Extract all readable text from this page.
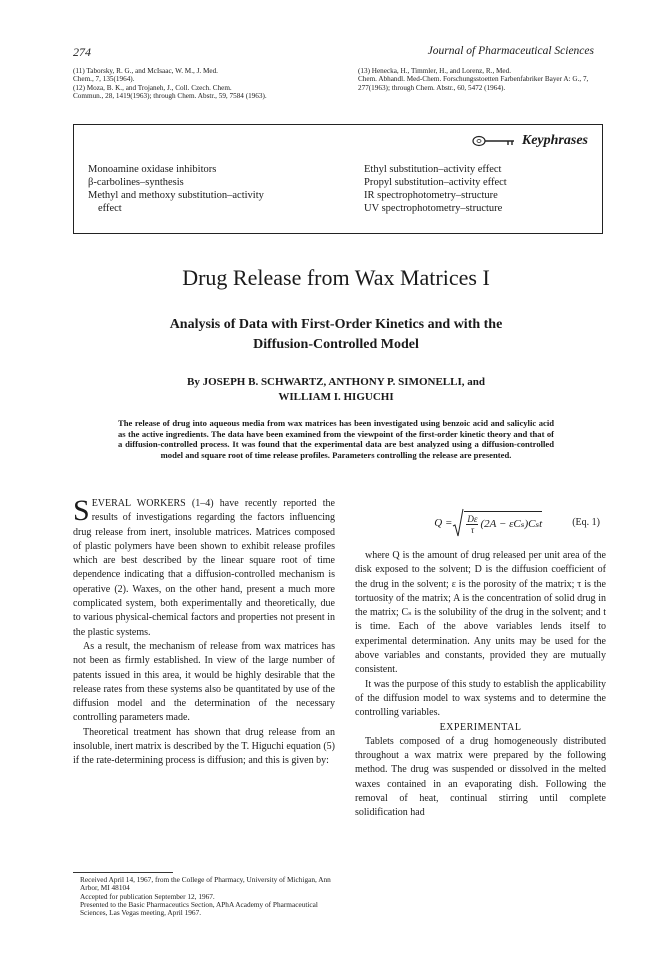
274	Journal of Pharmaceutical Sciences
(11) Taborsky, R. G., and McIsaac, W. M., J. Med.
Chem., 7, 135(1964).
(12) Moza, B. K., and Trojaneh, J., Coll. Czech. Chem.
Commun., 28, 1419(1963); through Chem. Abstr., 59, 7584 (1963).
(13) Henecka, H., Timmler, H., and Lorenz, R., Med.
Chem. Abhandl. Med-Chem. Forschungsstoetten Farbenfabriker Bayer A: G., 7, 277(1963); through Chem. Abstr., 60, 5472 (1964).
Keyphrases
Monoamine oxidase inhibitors
β-carbolines–synthesis
Methyl and methoxy substitution–activity
effect
Ethyl substitution–activity effect
Propyl substitution–activity effect
IR spectrophotometry–structure
UV spectrophotometry–structure
Drug Release from Wax Matrices I
Analysis of Data with First-Order Kinetics and with the
Diffusion-Controlled Model
By JOSEPH B. SCHWARTZ, ANTHONY P. SIMONELLI, and
WILLIAM I. HIGUCHI
The release of drug into aqueous media from wax matrices has been investigated using benzoic acid and salicylic acid as the active ingredients. The data have been examined from the viewpoint of the first-order kinetic theory and that of a diffusion-controlled process. It was found that the experimental data are best analyzed using a diffusion-controlled model and square root of time release profiles. Parameters controlling the release are presented.

SEVERAL WORKERS (1–4) have recently reported the results of investigations regarding the factors influencing drug release from inert, insoluble matrices. Matrices composed of plastic polymers have been shown to exhibit release profiles which are best described by the linear square root of time dependence indicating that a diffusion-controlled mechanism is operative (2). Waxes, on the other hand, present a much more complicated system, both experimentally and theoretically, due to various physical-chemical factors and properties not present in the plastic systems.

As a result, the mechanism of release from wax matrices has not been as firmly established. In view of the large number of patents issued in this area, it would be highly desirable that the release rates from these systems also be quantitated by use of the diffusion model and the determination of the necessary controlling parameters made.

Theoretical treatment has shown that drug release from an insoluble, inert matrix is described by the T. Higuchi equation (5) if the rate-determining process is diffusion; and this is given by:

$Q = \frac{D\varepsilon}{\tau} (2A - \varepsilon C_s)C_st$	(Eq. 1)

where Q is the amount of drug released per unit area of the disk exposed to the solvent; D is the diffusion coefficient of the drug in the solvent; ε is the porosity of the matrix; τ is the tortuosity of the matrix; A is the concentration of solid drug in the matrix; Cₛ is the solubility of the drug in the solvent; and t is time. Each of the above variables lends itself to experimental determination. Any units may be used for the above variables and constants, provided they are mutually consistent.

It was the purpose of this study to establish the applicability of the diffusion model to wax systems and to determine the controlling variables.

EXPERIMENTAL

Tablets composed of a drug homogeneously distributed throughout a wax matrix were prepared by the following method. The drug was suspended or dissolved in the melted waxes contained in an evaporating dish. Following the removal of heat, continual stirring until complete solidification had

Received April 14, 1967, from the College of Pharmacy, University of Michigan, Ann Arbor, MI 48104
Accepted for publication September 12, 1967.
Presented to the Basic Pharmaceutics Section, APhA Academy of Pharmaceutical Sciences, Las Vegas meeting, April 1967.
